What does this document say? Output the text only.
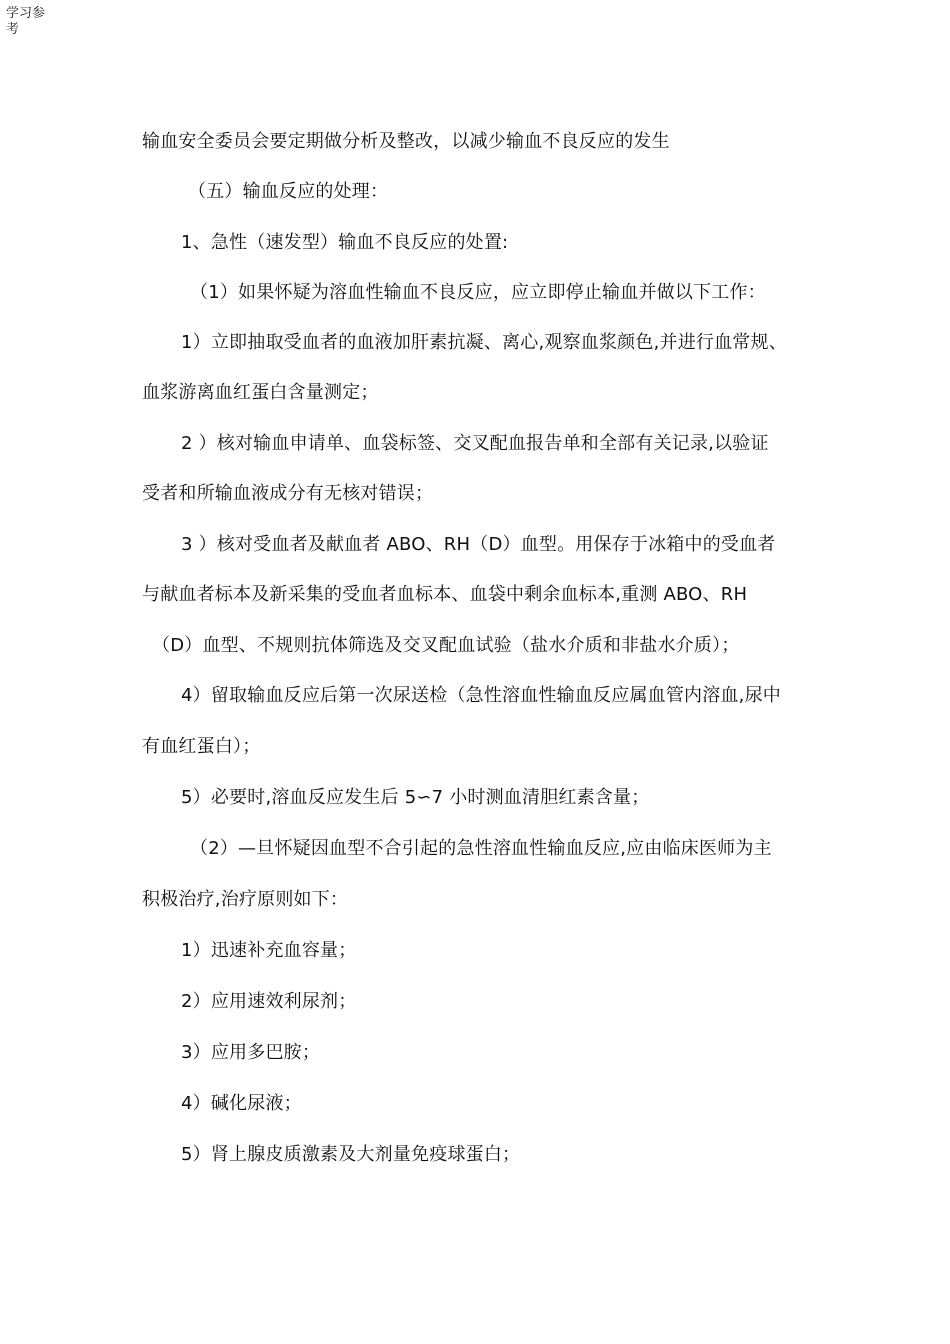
学习参考
输血安全委员会要定期做分析及整改，以减少输血不良反应的发生
（五）输血反应的处理：
1、急性（速发型）输血不良反应的处置:
（1）如果怀疑为溶血性输血不良反应，应立即停止输血并做以下工作：
1）立即抽取受血者的血液加肝素抗凝、离心,观察血浆颜色,并进行血常规、
血浆游离血红蛋白含量测定；
2 ）核对输血申请单、血袋标签、交叉配血报告单和全部有关记录,以验证
受者和所输血液成分有无核对错误；
3 ）核对受血者及献血者 ABO、RH（D）血型。用保存于冰箱中的受血者
与献血者标本及新采集的受血者血标本、血袋中剩余血标本,重测 ABO、RH
（D）血型、不规则抗体筛选及交叉配血试验（盐水介质和非盐水介质）；
4）留取输血反应后第一次尿送检（急性溶血性输血反应属血管内溶血,尿中
有血红蛋白）；
5）必要时,溶血反应发生后 5∽7 小时测血清胆红素含量；
（2）—旦怀疑因血型不合引起的急性溶血性输血反应,应由临床医师为主
积极治疗,治疗原则如下：
1）迅速补充血容量；
2）应用速效利尿剂；
3）应用多巴胺；
4）碱化尿液；
5）肾上腺皮质激素及大剂量免疫球蛋白；
